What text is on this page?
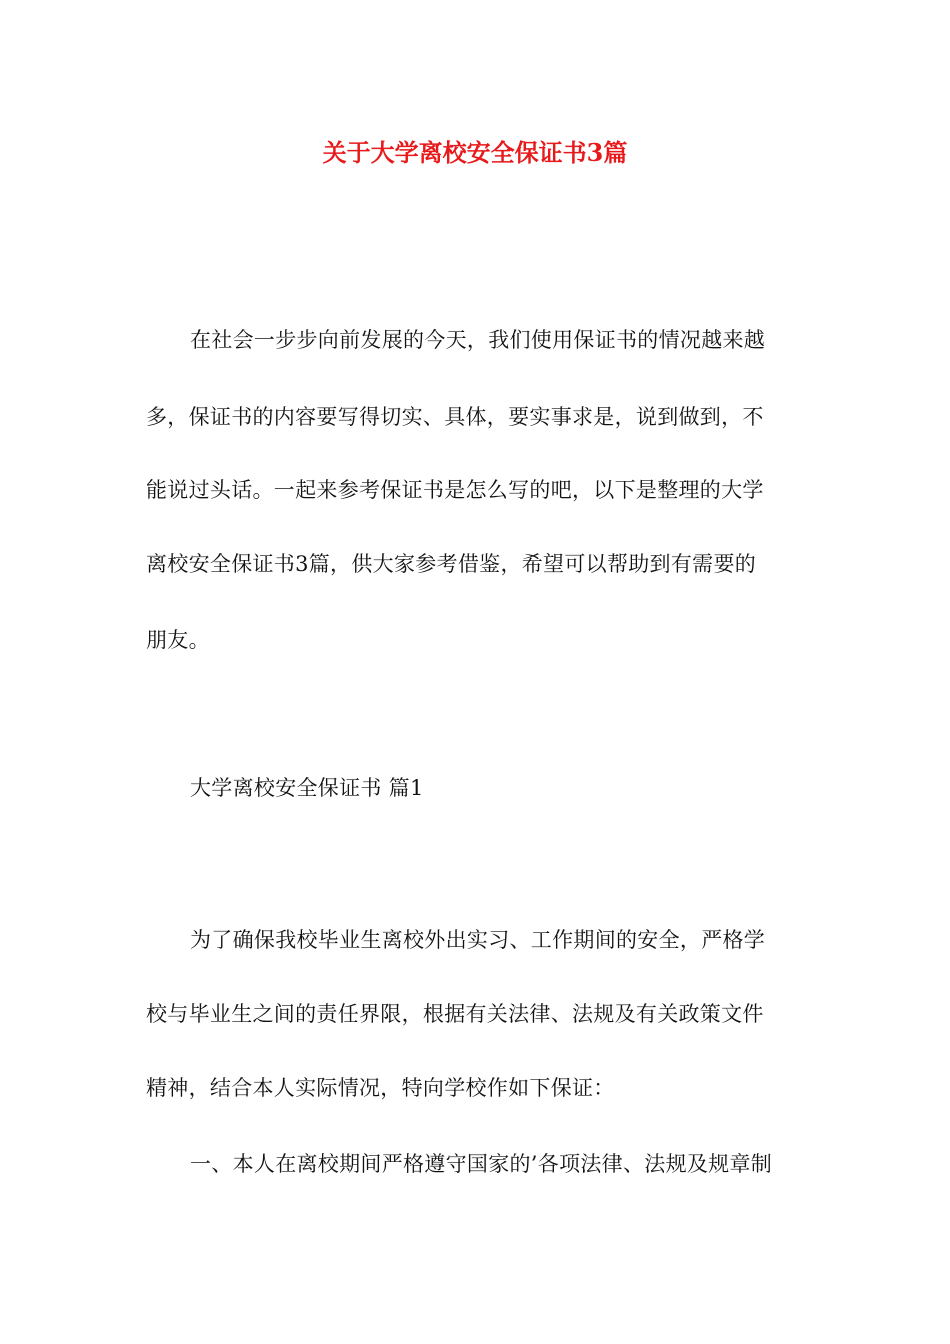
关于大学离校安全保证书3篇
在社会一步步向前发展的今天，我们使用保证书的情况越来越
多，保证书的内容要写得切实、具体，要实事求是，说到做到，不
能说过头话。一起来参考保证书是怎么写的吧，以下是整理的大学
离校安全保证书3篇，供大家参考借鉴，希望可以帮助到有需要的
朋友。
大学离校安全保证书 篇1
为了确保我校毕业生离校外出实习、工作期间的安全，严格学
校与毕业生之间的责任界限，根据有关法律、法规及有关政策文件
精神，结合本人实际情况，特向学校作如下保证：
一、本人在离校期间严格遵守国家的’各项法律、法规及规章制
